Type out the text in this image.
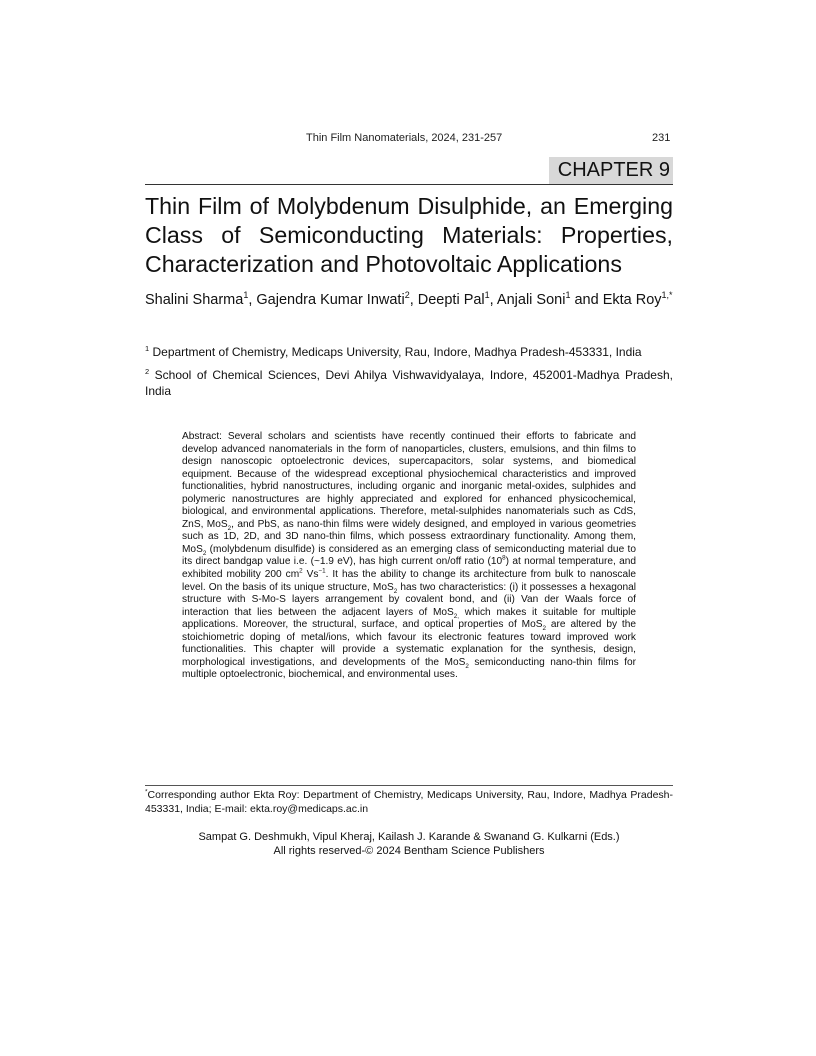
Thin Film Nanomaterials, 2024, 231-257	231
CHAPTER 9
Thin Film of Molybdenum Disulphide, an Emerging Class of Semiconducting Materials: Properties, Characterization and Photovoltaic Applications

Shalini Sharma$^1$, Gajendra Kumar Inwati$^2$, Deepti Pal$^1$, Anjali Soni$^1$ and Ekta Roy$^{1,*}$

$^1$ Department of Chemistry, Medicaps University, Rau, Indore, Madhya Pradesh-453331, India

$^2$ School of Chemical Sciences, Devi Ahilya Vishwavidyalaya, Indore, 452001-Madhya Pradesh, India

Abstract: Several scholars and scientists have recently continued their efforts to fabricate and develop advanced nanomaterials in the form of nanoparticles, clusters, emulsions, and thin films to design nanoscopic optoelectronic devices, supercapacitors, solar systems, and biomedical equipment. Because of the widespread exceptional physiochemical characteristics and improved functionalities, hybrid nanostructures, including organic and inorganic metal-oxides, sulphides and polymeric nanostructures are highly appreciated and explored for enhanced physicochemical, biological, and environmental applications. Therefore, metal-sulphides nanomaterials such as CdS, ZnS, MoS$_2$, and PbS, as nano-thin films were widely designed, and employed in various geometries such as 1D, 2D, and 3D nano-thin films, which possess extraordinary functionality. Among them, MoS$_2$ (molybdenum disulfide) is considered as an emerging class of semiconducting material due to its direct bandgap value i.e. (~1.9 eV), has high current on/off ratio $(10^8)$ at normal temperature, and exhibited mobility 200 $cm^2$ $Vs^{-1}$. It has the ability to change its architecture from bulk to nanoscale level. On the basis of its unique structure, MoS$_2$ has two characteristics: (i) it possesses a hexagonal structure with S-Mo-S layers arrangement by covalent bond, and (ii) Van der Waals force of interaction that lies between the adjacent layers of MoS$_{2,}$ which makes it suitable for multiple applications. Moreover, the structural, surface, and optical properties of MoS$_2$ are altered by the stoichiometric doping of metal/ions, which favour its electronic features toward improved work functionalities. This chapter will provide a systematic explanation for the synthesis, design, morphological investigations, and developments of the MoS$_2$ semiconducting nano-thin films for multiple optoelectronic, biochemical, and environmental uses.

*Corresponding author Ekta Roy: Department of Chemistry, Medicaps University, Rau, Indore, Madhya Pradesh-453331, India; E-mail: ekta.roy@medicaps.ac.in

Sampat G. Deshmukh, Vipul Kheraj, Kailash J. Karande & Swanand G. Kulkarni (Eds.)
All rights reserved-© 2024 Bentham Science Publishers
